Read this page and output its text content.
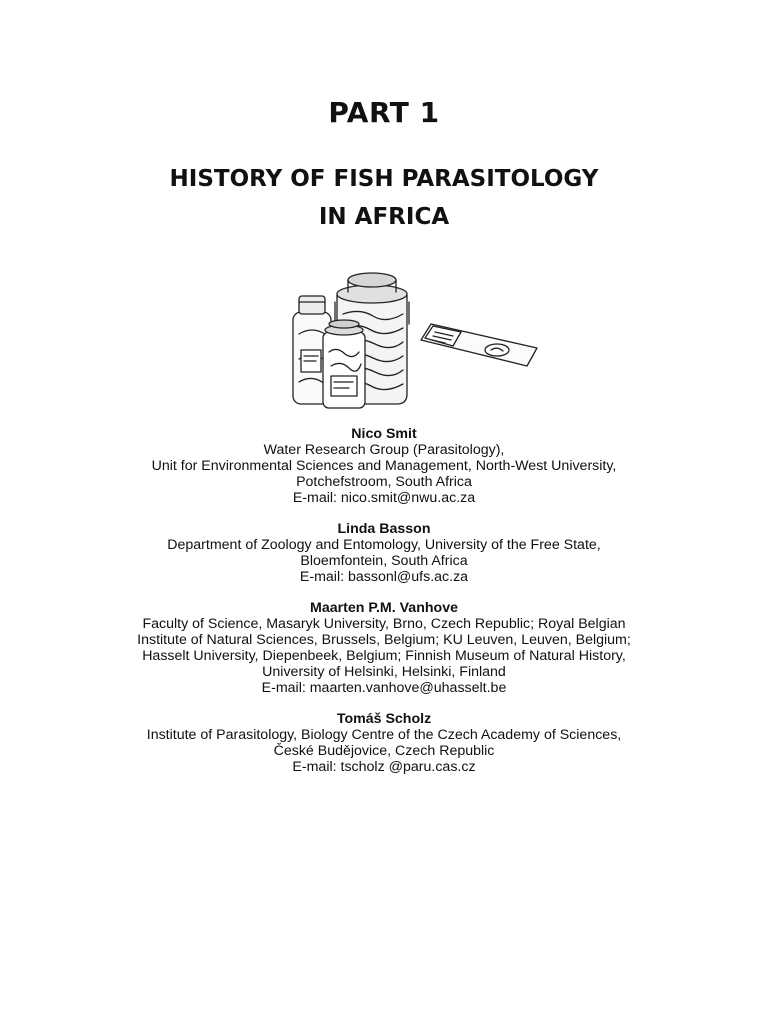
PART 1
HISTORY OF FISH PARASITOLOGY
IN AFRICA
Nico Smit
Water Research Group (Parasitology),
Unit for Environmental Sciences and Management, North-West University,
Potchefstroom, South Africa
E-mail: nico.smit@nwu.ac.za
Linda Basson
Department of Zoology and Entomology, University of the Free State,
Bloemfontein, South Africa
E-mail: bassonl@ufs.ac.za
Maarten P.M. Vanhove
Faculty of Science, Masaryk University, Brno, Czech Republic; Royal Belgian
Institute of Natural Sciences, Brussels, Belgium; KU Leuven, Leuven, Belgium;
Hasselt University, Diepenbeek, Belgium; Finnish Museum of Natural History,
University of Helsinki, Helsinki, Finland
E-mail: maarten.vanhove@uhasselt.be
Tomáš Scholz
Institute of Parasitology, Biology Centre of the Czech Academy of Sciences,
České Budějovice, Czech Republic
E-mail: tscholz @paru.cas.cz
